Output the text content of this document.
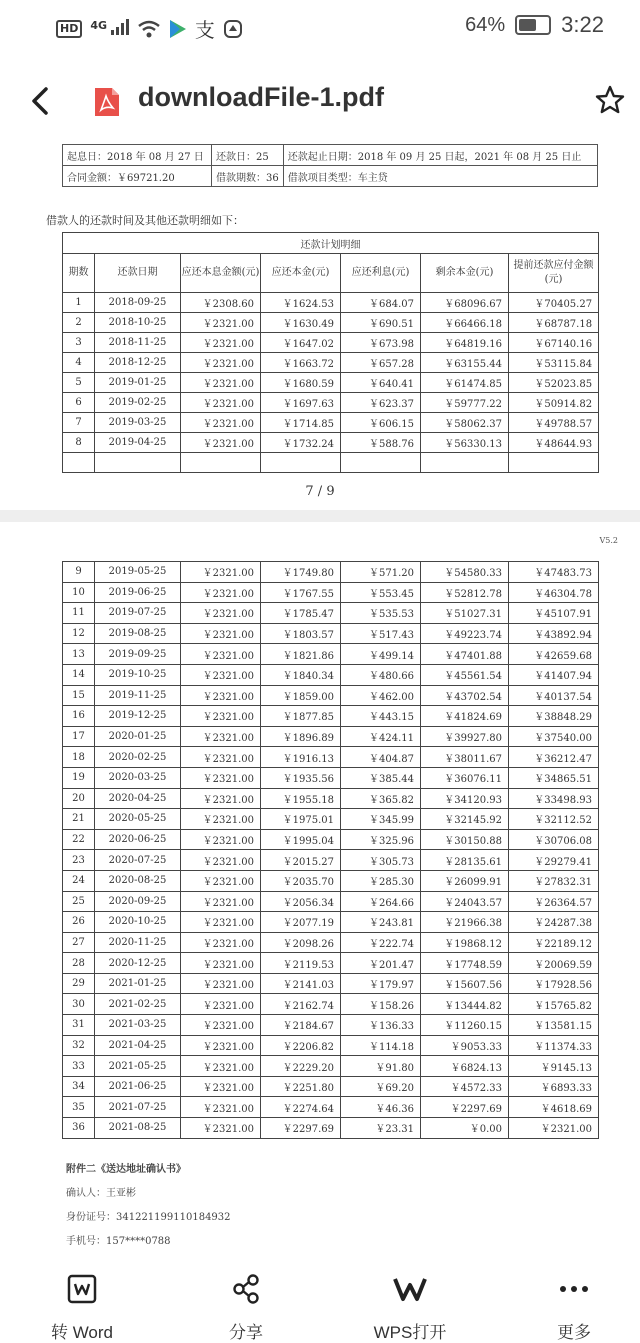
HD	4G	支	64%	3:22
downloadFile-1.pdf
起息日：2018 年 08 月 27 日	还款日：25	还款起止日期：2018 年 09 月 25 日起，2021 年 08 月 25 日止
合同金额：￥69721.20	借款期数：36	借款项目类型：车主贷
借款人的还款时间及其他还款明细如下：
还款计划明细						
期数	还款日期	应还本息金额(元)	应还本金(元)	应还利息(元)	剩余本金(元)	提前还款应付金额(元)
1	2018-09-25	￥2308.60	￥1624.53	￥684.07	￥68096.67	￥70405.27
2	2018-10-25	￥2321.00	￥1630.49	￥690.51	￥66466.18	￥68787.18
3	2018-11-25	￥2321.00	￥1647.02	￥673.98	￥64819.16	￥67140.16
4	2018-12-25	￥2321.00	￥1663.72	￥657.28	￥63155.44	￥53115.84
5	2019-01-25	￥2321.00	￥1680.59	￥640.41	￥61474.85	￥52023.85
6	2019-02-25	￥2321.00	￥1697.63	￥623.37	￥59777.22	￥50914.82
7	2019-03-25	￥2321.00	￥1714.85	￥606.15	￥58062.37	￥49788.57
8	2019-04-25	￥2321.00	￥1732.24	￥588.76	￥56330.13	￥48644.93

7 / 9
V5.2
9	2019-05-25	￥2321.00	￥1749.80	￥571.20	￥54580.33	￥47483.73
10	2019-06-25	￥2321.00	￥1767.55	￥553.45	￥52812.78	￥46304.78
11	2019-07-25	￥2321.00	￥1785.47	￥535.53	￥51027.31	￥45107.91
12	2019-08-25	￥2321.00	￥1803.57	￥517.43	￥49223.74	￥43892.94
13	2019-09-25	￥2321.00	￥1821.86	￥499.14	￥47401.88	￥42659.68
14	2019-10-25	￥2321.00	￥1840.34	￥480.66	￥45561.54	￥41407.94
15	2019-11-25	￥2321.00	￥1859.00	￥462.00	￥43702.54	￥40137.54
16	2019-12-25	￥2321.00	￥1877.85	￥443.15	￥41824.69	￥38848.29
17	2020-01-25	￥2321.00	￥1896.89	￥424.11	￥39927.80	￥37540.00
18	2020-02-25	￥2321.00	￥1916.13	￥404.87	￥38011.67	￥36212.47
19	2020-03-25	￥2321.00	￥1935.56	￥385.44	￥36076.11	￥34865.51
20	2020-04-25	￥2321.00	￥1955.18	￥365.82	￥34120.93	￥33498.93
21	2020-05-25	￥2321.00	￥1975.01	￥345.99	￥32145.92	￥32112.52
22	2020-06-25	￥2321.00	￥1995.04	￥325.96	￥30150.88	￥30706.08
23	2020-07-25	￥2321.00	￥2015.27	￥305.73	￥28135.61	￥29279.41
24	2020-08-25	￥2321.00	￥2035.70	￥285.30	￥26099.91	￥27832.31
25	2020-09-25	￥2321.00	￥2056.34	￥264.66	￥24043.57	￥26364.57
26	2020-10-25	￥2321.00	￥2077.19	￥243.81	￥21966.38	￥24287.38
27	2020-11-25	￥2321.00	￥2098.26	￥222.74	￥19868.12	￥22189.12
28	2020-12-25	￥2321.00	￥2119.53	￥201.47	￥17748.59	￥20069.59
29	2021-01-25	￥2321.00	￥2141.03	￥179.97	￥15607.56	￥17928.56
30	2021-02-25	￥2321.00	￥2162.74	￥158.26	￥13444.82	￥15765.82
31	2021-03-25	￥2321.00	￥2184.67	￥136.33	￥11260.15	￥13581.15
32	2021-04-25	￥2321.00	￥2206.82	￥114.18	￥9053.33	￥11374.33
33	2021-05-25	￥2321.00	￥2229.20	￥91.80	￥6824.13	￥9145.13
34	2021-06-25	￥2321.00	￥2251.80	￥69.20	￥4572.33	￥6893.33
35	2021-07-25	￥2321.00	￥2274.64	￥46.36	￥2297.69	￥4618.69
36	2021-08-25	￥2321.00	￥2297.69	￥23.31	￥0.00	￥2321.00
附件二《送达地址确认书》
确认人：王亚彬
身份证号：341221199110184932
手机号：157****0788
转 Word	分享	WPS打开	更多
